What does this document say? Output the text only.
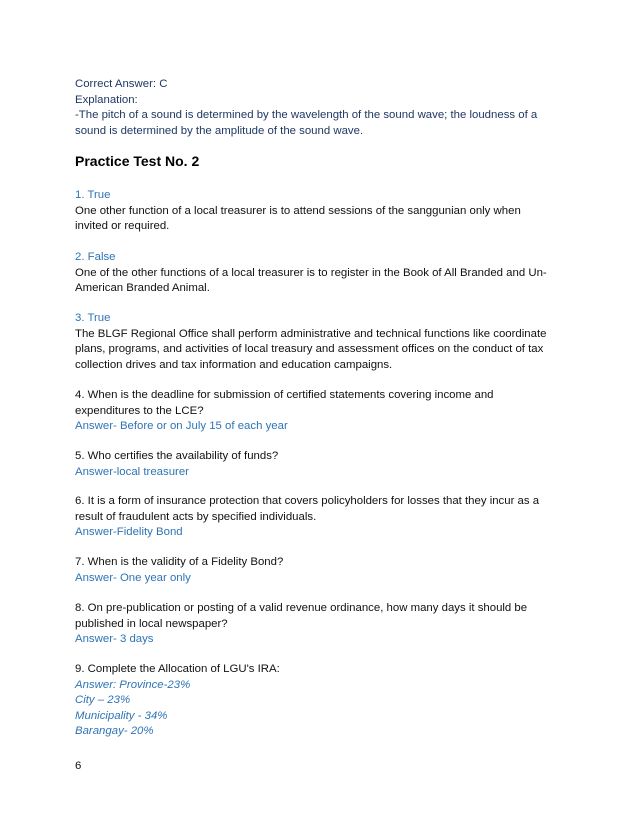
Correct Answer: C
Explanation:
-The pitch of a sound is determined by the wavelength of the sound wave; the loudness of a
sound is determined by the amplitude of the sound wave.
Practice Test No. 2
1. True
One other function of a local treasurer is to attend sessions of the sanggunian only when
invited or required.
2. False
One of the other functions of a local treasurer is to register in the Book of All Branded and Un-
American Branded Animal.
3. True
The BLGF Regional Office shall perform administrative and technical functions like coordinate
plans, programs, and activities of local treasury and assessment offices on the conduct of tax
collection drives and tax information and education campaigns.
4. When is the deadline for submission of certified statements covering income and
expenditures to the LCE?
Answer- Before or on July 15 of each year
5. Who certifies the availability of funds?
Answer-local treasurer
6. It is a form of insurance protection that covers policyholders for losses that they incur as a
result of fraudulent acts by specified individuals.
Answer-Fidelity Bond
7. When is the validity of a Fidelity Bond?
Answer- One year only
8. On pre-publication or posting of a valid revenue ordinance, how many days it should be
published in local newspaper?
Answer- 3 days
9. Complete the Allocation of LGU's IRA:
Answer: Province-23%
City – 23%
Municipality - 34%
Barangay- 20%
6
